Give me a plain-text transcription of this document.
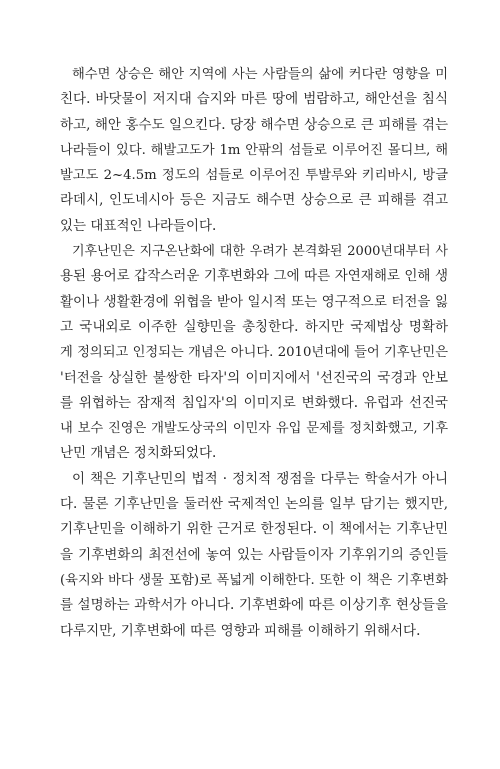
해수면 상승은 해안 지역에 사는 사람들의 삶에 커다란 영향을 미
친다. 바닷물이 저지대 습지와 마른 땅에 범람하고, 해안선을 침식
하고, 해안 홍수도 일으킨다. 당장 해수면 상승으로 큰 피해를 겪는
나라들이 있다. 해발고도가 1m 안팎의 섬들로 이루어진 몰디브, 해
발고도 2~4.5m 정도의 섬들로 이루어진 투발루와 키리바시, 방글
라데시, 인도네시아 등은 지금도 해수면 상승으로 큰 피해를 겪고
있는 대표적인 나라들이다.
기후난민은 지구온난화에 대한 우려가 본격화된 2000년대부터 사
용된 용어로 갑작스러운 기후변화와 그에 따른 자연재해로 인해 생
활이나 생활환경에 위협을 받아 일시적 또는 영구적으로 터전을 잃
고 국내외로 이주한 실향민을 총칭한다. 하지만 국제법상 명확하
게 정의되고 인정되는 개념은 아니다. 2010년대에 들어 기후난민은
'터전을 상실한 불쌍한 타자'의 이미지에서 '선진국의 국경과 안보
를 위협하는 잠재적 침입자'의 이미지로 변화했다. 유럽과 선진국
내 보수 진영은 개발도상국의 이민자 유입 문제를 정치화했고, 기후
난민 개념은 정치화되었다.
이 책은 기후난민의 법적 · 정치적 쟁점을 다루는 학술서가 아니
다. 물론 기후난민을 둘러싼 국제적인 논의를 일부 담기는 했지만,
기후난민을 이해하기 위한 근거로 한정된다. 이 책에서는 기후난민
을 기후변화의 최전선에 놓여 있는 사람들이자 기후위기의 증인들
(육지와 바다 생물 포함)로 폭넓게 이해한다. 또한 이 책은 기후변화
를 설명하는 과학서가 아니다. 기후변화에 따른 이상기후 현상들을
다루지만, 기후변화에 따른 영향과 피해를 이해하기 위해서다.
